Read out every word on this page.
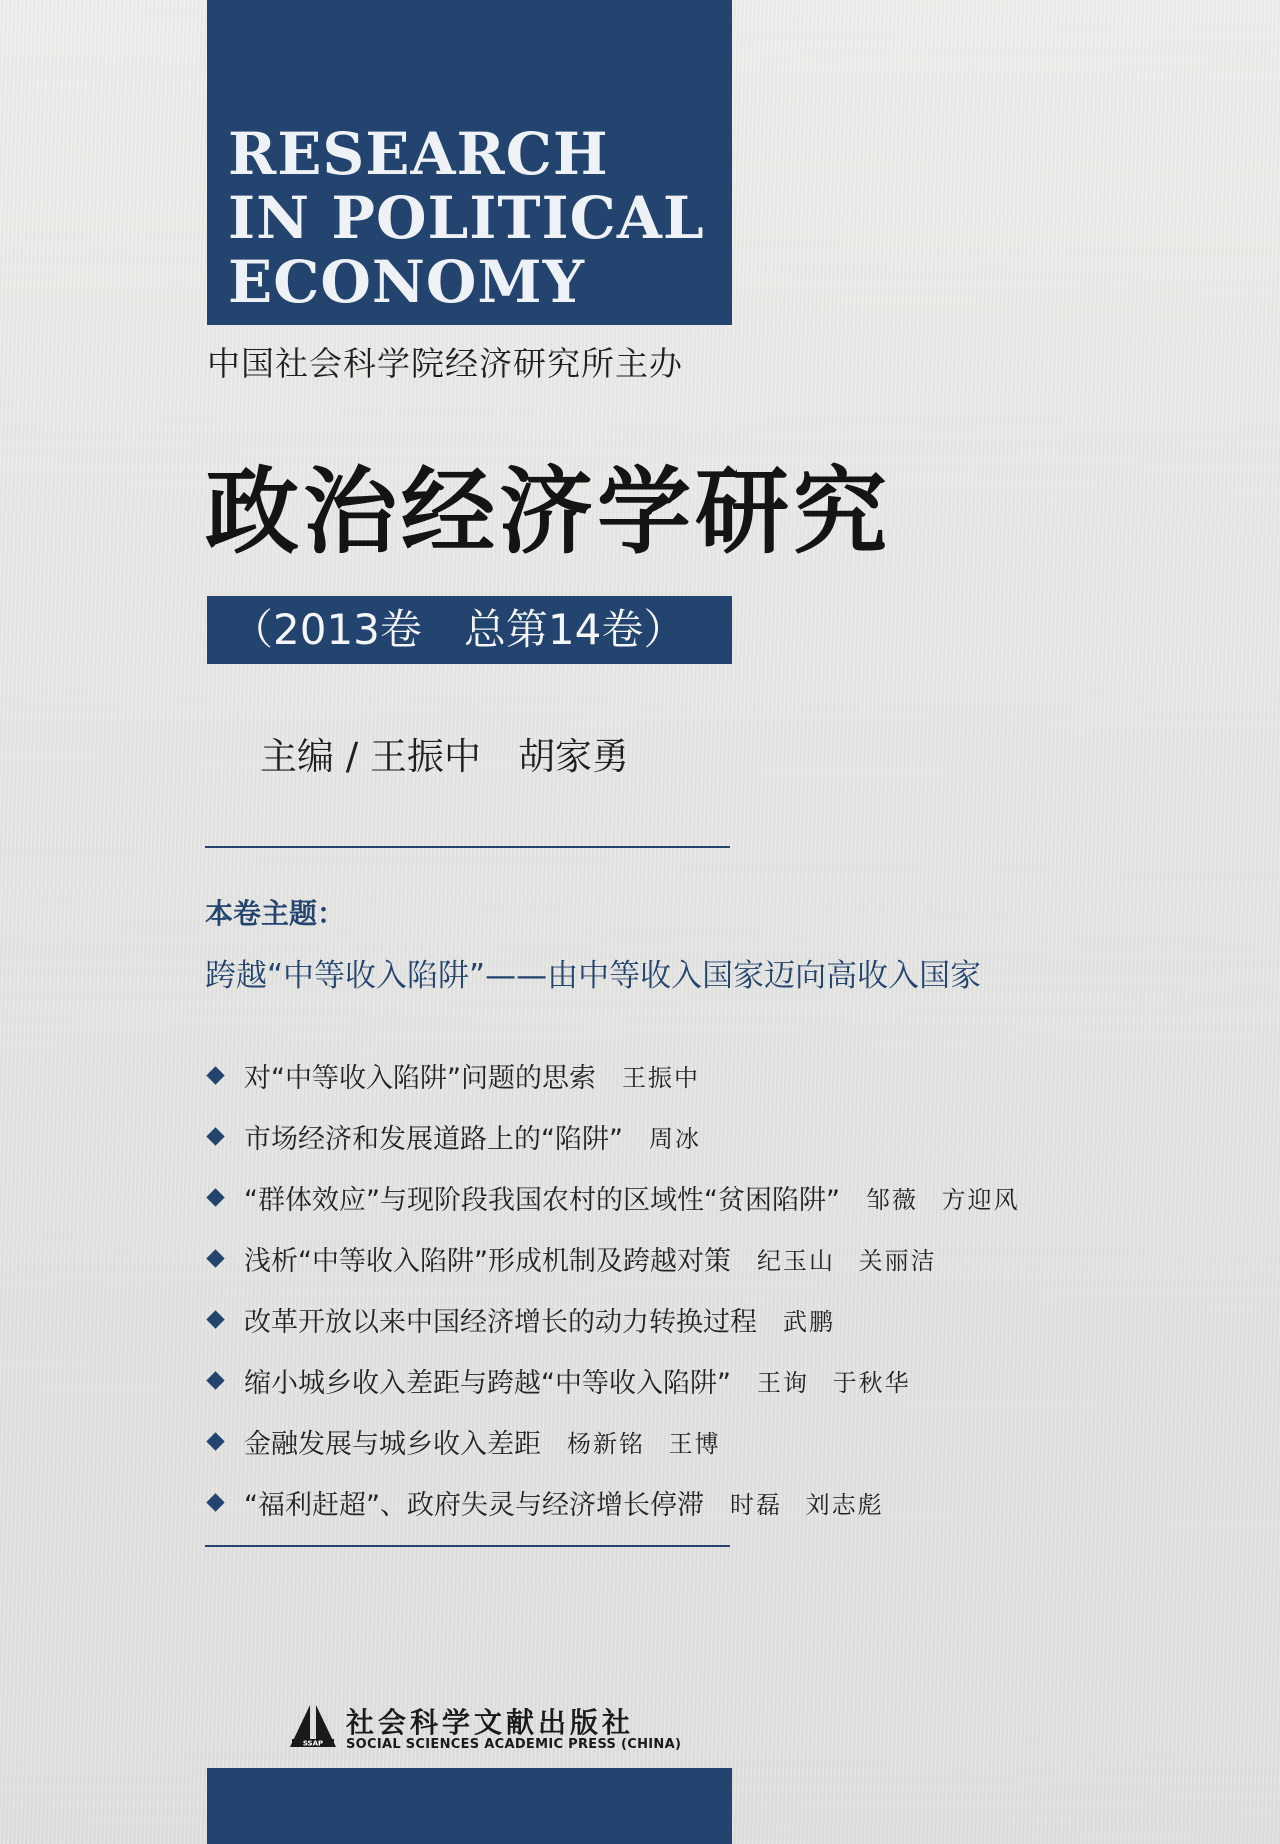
RESEARCH
IN POLITICAL
ECONOMY
中国社会科学院经济研究所主办
政治经济学研究
（2013卷　总第14卷）
主编 / 王振中　胡家勇
本卷主题：
跨越“中等收入陷阱”——由中等收入国家迈向高收入国家
对“中等收入陷阱”问题的思索 王振中
市场经济和发展道路上的“陷阱” 周冰
“群体效应”与现阶段我国农村的区域性“贫困陷阱” 邹薇 方迎风
浅析“中等收入陷阱”形成机制及跨越对策 纪玉山 关丽洁
改革开放以来中国经济增长的动力转换过程 武鹏
缩小城乡收入差距与跨越“中等收入陷阱” 王询 于秋华
金融发展与城乡收入差距 杨新铭 王博
“福利赶超”、政府失灵与经济增长停滞 时磊 刘志彪
SSAP
社会科学文献出版社
SOCIAL SCIENCES ACADEMIC PRESS (CHINA)
